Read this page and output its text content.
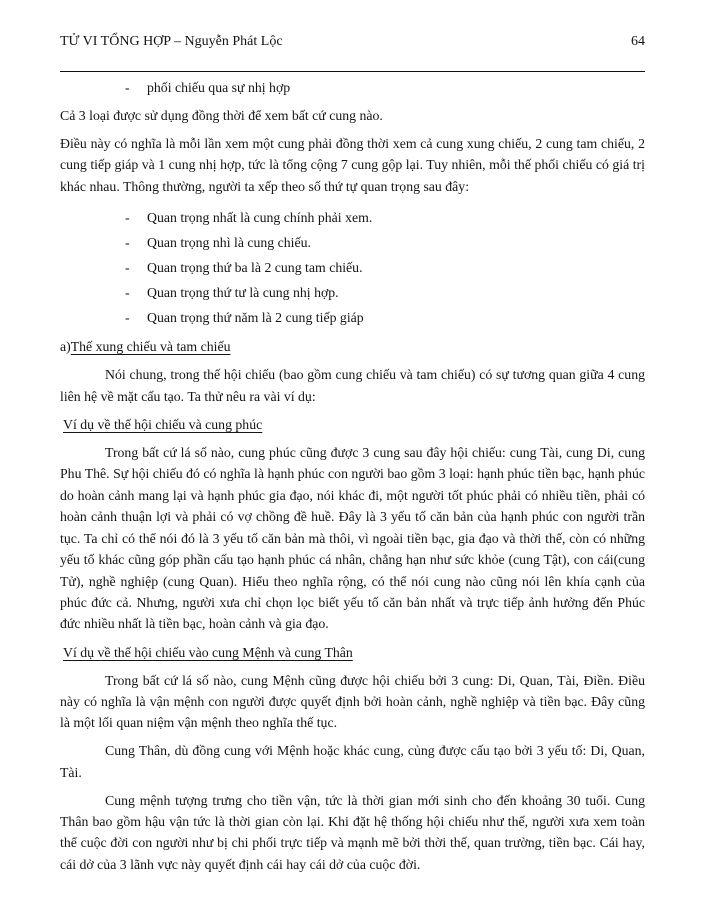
TỬ VI TỔNG HỢP – Nguyễn Phát Lộc	64
-	phối chiếu qua sự nhị hợp

Cả 3 loại được sử dụng đồng thời để xem bất cứ cung nào.

Điều này có nghĩa là mỗi lần xem một cung phải đồng thời xem cả cung xung chiếu, 2 cung tam chiếu, 2 cung tiếp giáp và 1 cung nhị hợp, tức là tổng cộng 7 cung gộp lại. Tuy nhiên, mỗi thế phối chiếu có giá trị khác nhau. Thông thường, người ta xếp theo số thứ tự quan trọng sau đây:

-	Quan trọng nhất là cung chính phải xem.
-	Quan trọng nhì là cung chiếu.
-	Quan trọng thứ ba là 2 cung tam chiếu.
-	Quan trọng thứ tư là cung nhị hợp.
-	Quan trọng thứ năm là 2 cung tiếp giáp
a)Thế xung chiếu và tam chiếu

Nói chung, trong thế hội chiếu (bao gồm cung chiếu và tam chiếu) có sự tương quan giữa 4 cung liên hệ về mặt cấu tạo. Ta thử nêu ra vài ví dụ:

Ví dụ về thế hội chiếu và cung phúc

Trong bất cứ lá số nào, cung phúc cũng được 3 cung sau đây hội chiếu: cung Tài, cung Di, cung Phu Thê. Sự hội chiếu đó có nghĩa là hạnh phúc con người bao gồm 3 loại: hạnh phúc tiền bạc, hạnh phúc do hoàn cảnh mang lại và hạnh phúc gia đạo, nói khác đi, một người tốt phúc phải có nhiều tiền, phải có hoàn cảnh thuận lợi và phải có vợ chồng đề huề. Đây là 3 yếu tố căn bản của hạnh phúc con người trần tục. Ta chỉ có thể nói đó là 3 yếu tố căn bản mà thôi, vì ngoài tiền bạc, gia đạo và thời thế, còn có những yếu tố khác cũng góp phần cấu tạo hạnh phúc cá nhân, chẳng hạn như sức khỏe (cung Tật), con cái(cung Tử), nghề nghiệp (cung Quan). Hiểu theo nghĩa rộng, có thể nói cung nào cũng nói lên khía cạnh của phúc đức cả. Nhưng, người xưa chỉ chọn lọc biết yếu tố căn bản nhất và trực tiếp ảnh hưởng đến Phúc đức nhiều nhất là tiền bạc, hoàn cảnh và gia đạo.

Ví dụ về thế hội chiếu vào cung Mệnh và cung Thân

Trong bất cứ lá số nào, cung Mệnh cũng được hội chiếu bởi 3 cung: Di, Quan, Tài, Điền. Điều này có nghĩa là vận mệnh con người được quyết định bởi hoàn cảnh, nghề nghiệp và tiền bạc. Đây cũng là một lối quan niệm vận mệnh theo nghĩa thế tục.

Cung Thân, dù đồng cung với Mệnh hoặc khác cung, củng được cấu tạo bởi 3 yếu tố: Di, Quan, Tài.

Cung mệnh tượng trưng cho tiền vận, tức là thời gian mới sinh cho đến khoảng 30 tuổi. Cung Thân bao gồm hậu vận tức là thời gian còn lại. Khi đặt hệ thống hội chiếu như thế, người xưa xem toàn thể cuộc đời con người như bị chi phối trực tiếp và mạnh mẽ bởi thời thế, quan trường, tiền bạc. Cái hay, cái dở của 3 lãnh vực này quyết định cái hay cái dở của cuộc đời.
